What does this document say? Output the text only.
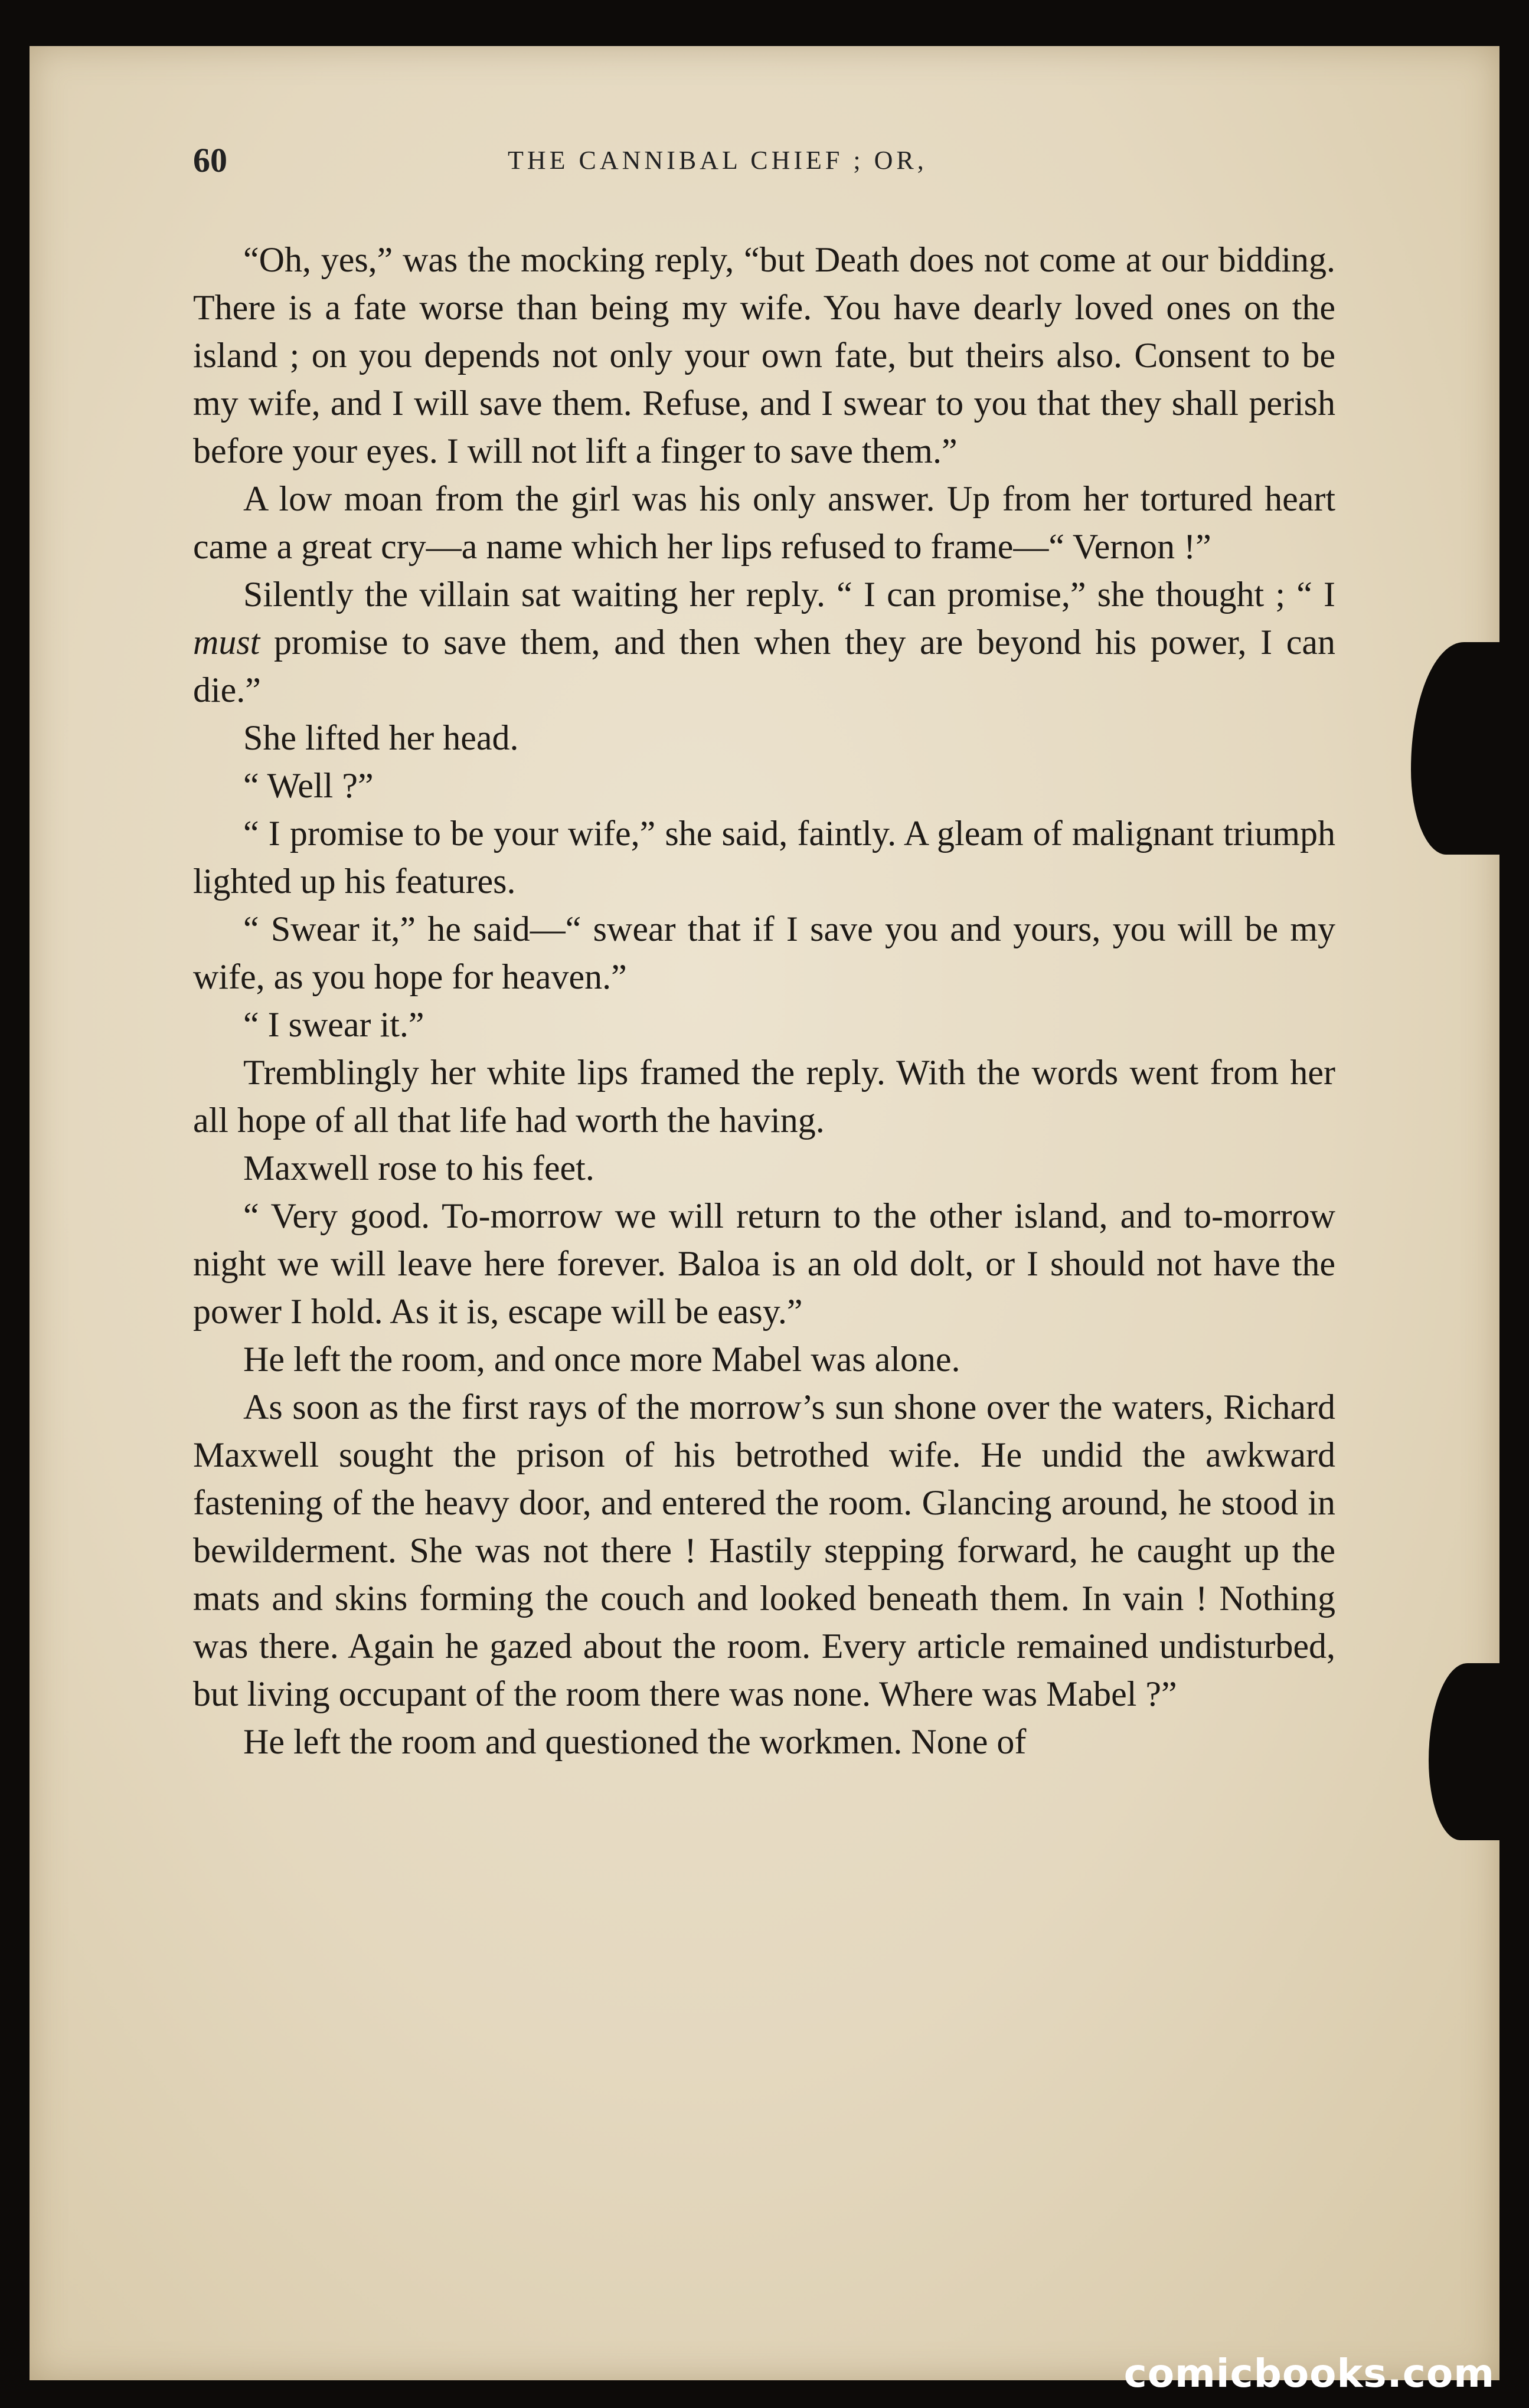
60	THE CANNIBAL CHIEF ; OR,

“Oh, yes,” was the mocking reply, “but Death does not come at our bidding. There is a fate worse than being my wife. You have dearly loved ones on the island ; on you depends not only your own fate, but theirs also. Consent to be my wife, and I will save them. Refuse, and I swear to you that they shall perish before your eyes. I will not lift a finger to save them.”

A low moan from the girl was his only answer. Up from her tortured heart came a great cry—a name which her lips refused to frame—“ Vernon !”

Silently the villain sat waiting her reply. “ I can promise,” she thought ; “ I must promise to save them, and then when they are beyond his power, I can die.”

She lifted her head.

“ Well ?”

“ I promise to be your wife,” she said, faintly. A gleam of malignant triumph lighted up his features.

“ Swear it,” he said—“ swear that if I save you and yours, you will be my wife, as you hope for heaven.”

“ I swear it.”

Tremblingly her white lips framed the reply. With the words went from her all hope of all that life had worth the having.

Maxwell rose to his feet.

“ Very good. To-morrow we will return to the other island, and to-morrow night we will leave here forever. Baloa is an old dolt, or I should not have the power I hold. As it is, escape will be easy.”

He left the room, and once more Mabel was alone.

As soon as the first rays of the morrow’s sun shone over the waters, Richard Maxwell sought the prison of his betrothed wife. He undid the awkward fastening of the heavy door, and entered the room. Glancing around, he stood in bewilderment. She was not there ! Hastily stepping forward, he caught up the mats and skins forming the couch and looked beneath them. In vain ! Nothing was there. Again he gazed about the room. Every article remained undisturbed, but living occupant of the room there was none. Where was Mabel ?”

He left the room and questioned the workmen. None of

comicbooks.com
